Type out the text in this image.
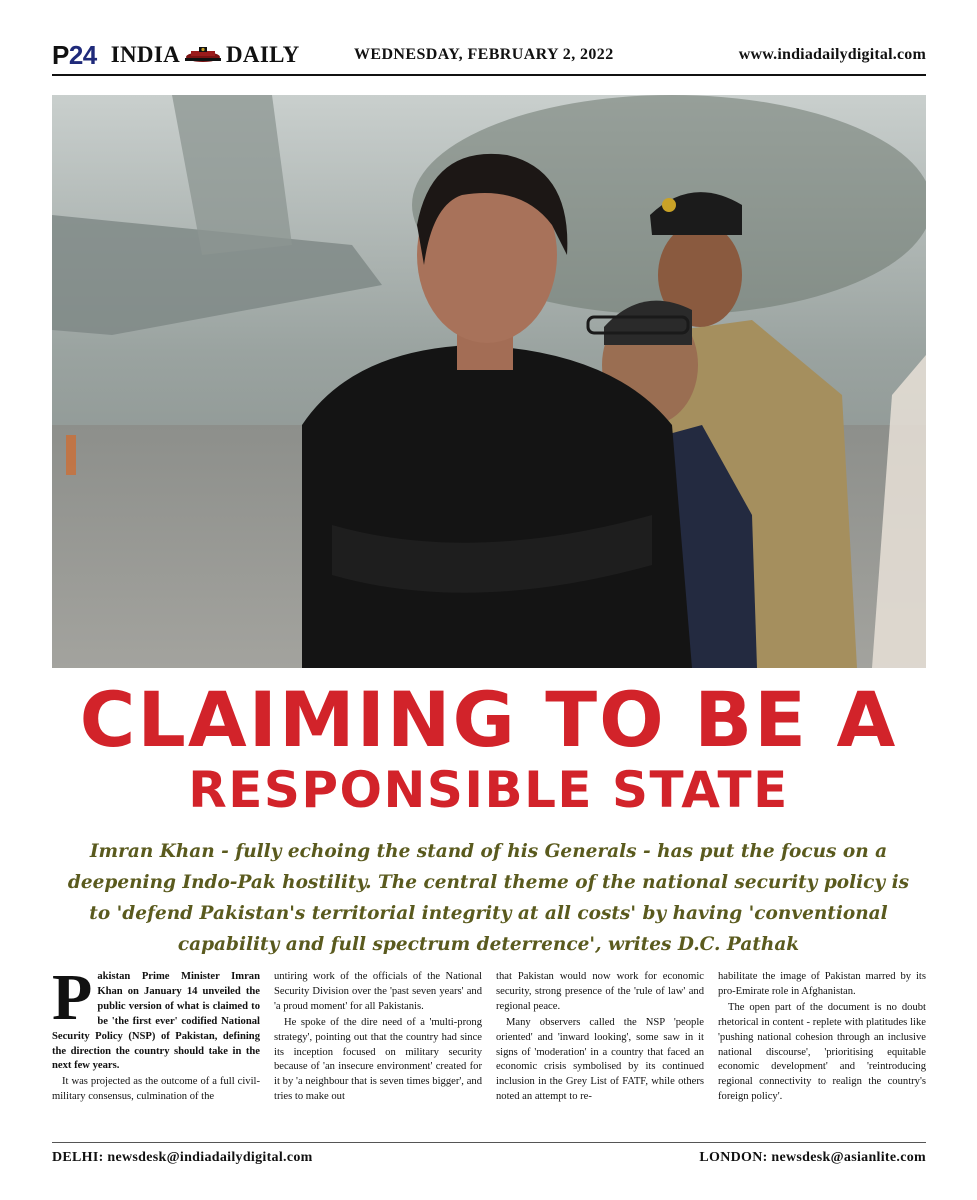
P24 INDIA DAILY	WEDNESDAY, FEBRUARY 2, 2022	www.indiadailydigital.com
CLAIMING TO BE A
RESPONSIBLE STATE
Imran Khan - fully echoing the stand of his Generals - has put the focus on a deepening Indo-Pak hostility. The central theme of the national security policy is to 'defend Pakistan's territorial integrity at all costs' by having 'conventional capability and full spectrum deterrence', writes D.C. Pathak

Pakistan Prime Minister Imran Khan on January 14 unveiled the public version of what is claimed to be 'the first ever' codified National Security Policy (NSP) of Pakistan, defining the direction the country should take in the next few years.

It was projected as the outcome of a full civil-military consensus, culmination of the

untiring work of the officials of the National Security Division over the 'past seven years' and 'a proud moment' for all Pakistanis.

He spoke of the dire need of a 'multi-prong strategy', pointing out that the country had since its inception focused on military security because of 'an insecure environment' created for it by 'a neighbour that is seven times bigger', and tries to make out

that Pakistan would now work for economic security, strong presence of the 'rule of law' and regional peace.

Many observers called the NSP 'people oriented' and 'inward looking', some saw in it signs of 'moderation' in a country that faced an economic crisis symbolised by its continued inclusion in the Grey List of FATF, while others noted an attempt to re-

habilitate the image of Pakistan marred by its pro-Emirate role in Afghanistan.

The open part of the document is no doubt rhetorical in content - replete with platitudes like 'pushing national cohesion through an inclusive national discourse', 'prioritising equitable economic development' and 'reintroducing regional connectivity to realign the country's foreign policy'.

DELHI: newsdesk@indiadailydigital.com	LONDON: newsdesk@asianlite.com
